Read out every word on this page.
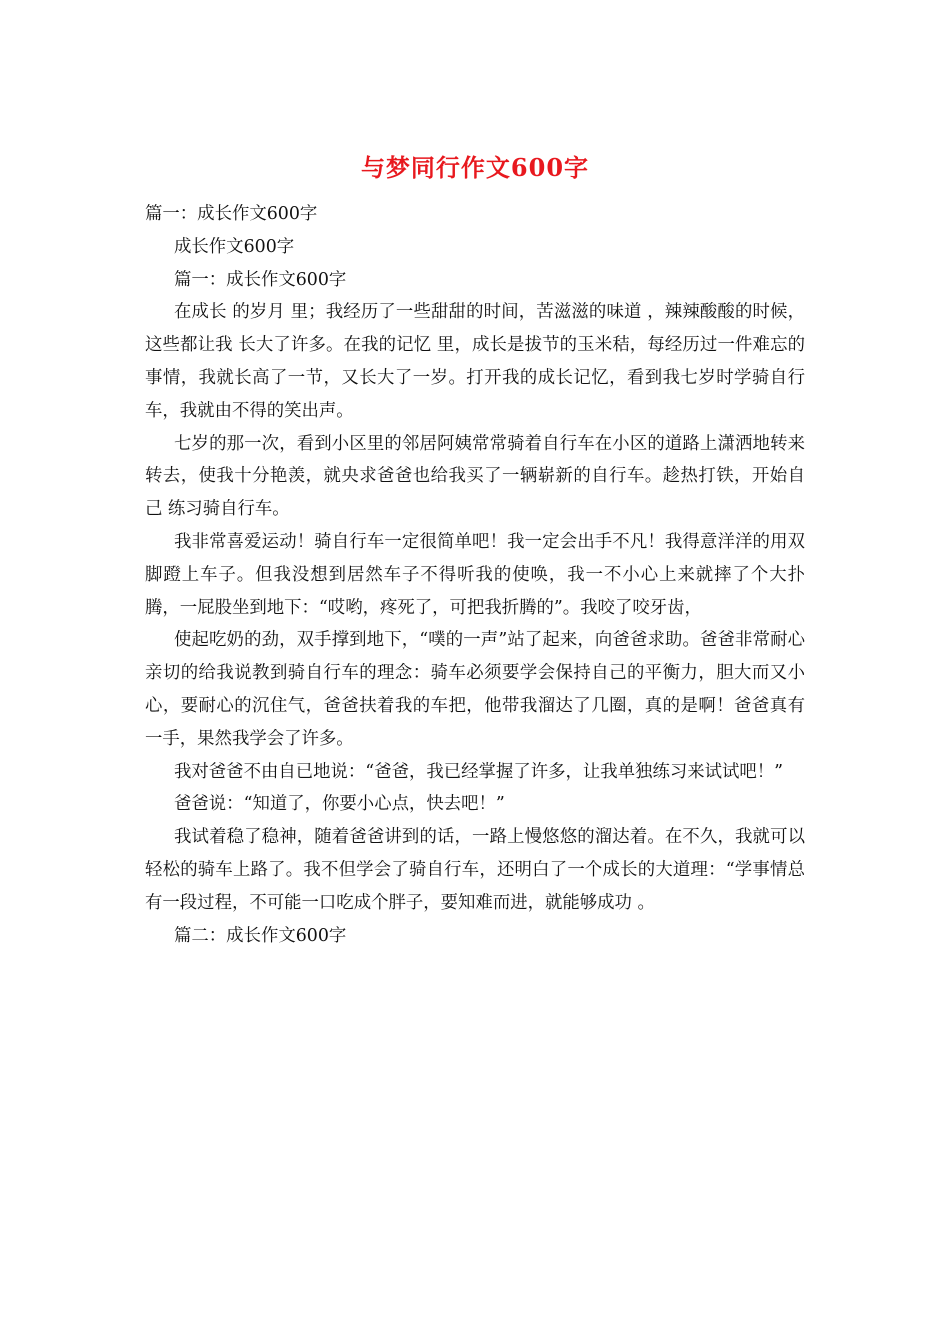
与梦同行作文600字

篇一：成长作文600字

成长作文600字

篇一：成长作文600字

在成长 的岁月 里；我经历了一些甜甜的时间，苦滋滋的味道 ，辣辣酸酸的时候，这些都让我 长大了许多。在我的记忆 里，成长是拔节的玉米秸，每经历过一件难忘的事情，我就长高了一节，又长大了一岁。打开我的成长记忆，看到我七岁时学骑自行车，我就由不得的笑出声。

七岁的那一次，看到小区里的邻居阿姨常常骑着自行车在小区的道路上潇洒地转来转去，使我十分艳羡，就央求爸爸也给我买了一辆崭新的自行车。趁热打铁，开始自己 练习骑自行车。

我非常喜爱运动！骑自行车一定很简单吧！我一定会出手不凡！我得意洋洋的用双脚蹬上车子。但我没想到居然车子不得听我的使唤，我一不小心上来就摔了个大扑腾，一屁股坐到地下：“哎哟，疼死了，可把我折腾的”。我咬了咬牙齿，

使起吃奶的劲，双手撑到地下，“噗的一声”站了起来，向爸爸求助。爸爸非常耐心亲切的给我说教到骑自行车的理念：骑车必须要学会保持自己的平衡力，胆大而又小心，要耐心的沉住气，爸爸扶着我的车把，他带我溜达了几圈，真的是啊！爸爸真有一手，果然我学会了许多。

我对爸爸不由自已地说：“爸爸，我已经掌握了许多，让我单独练习来试试吧！”

爸爸说：“知道了，你要小心点，快去吧！”

我试着稳了稳神，随着爸爸讲到的话，一路上慢悠悠的溜达着。在不久，我就可以轻松的骑车上路了。我不但学会了骑自行车，还明白了一个成长的大道理：“学事情总有一段过程，不可能一口吃成个胖子，要知难而进，就能够成功 。

篇二：成长作文600字
